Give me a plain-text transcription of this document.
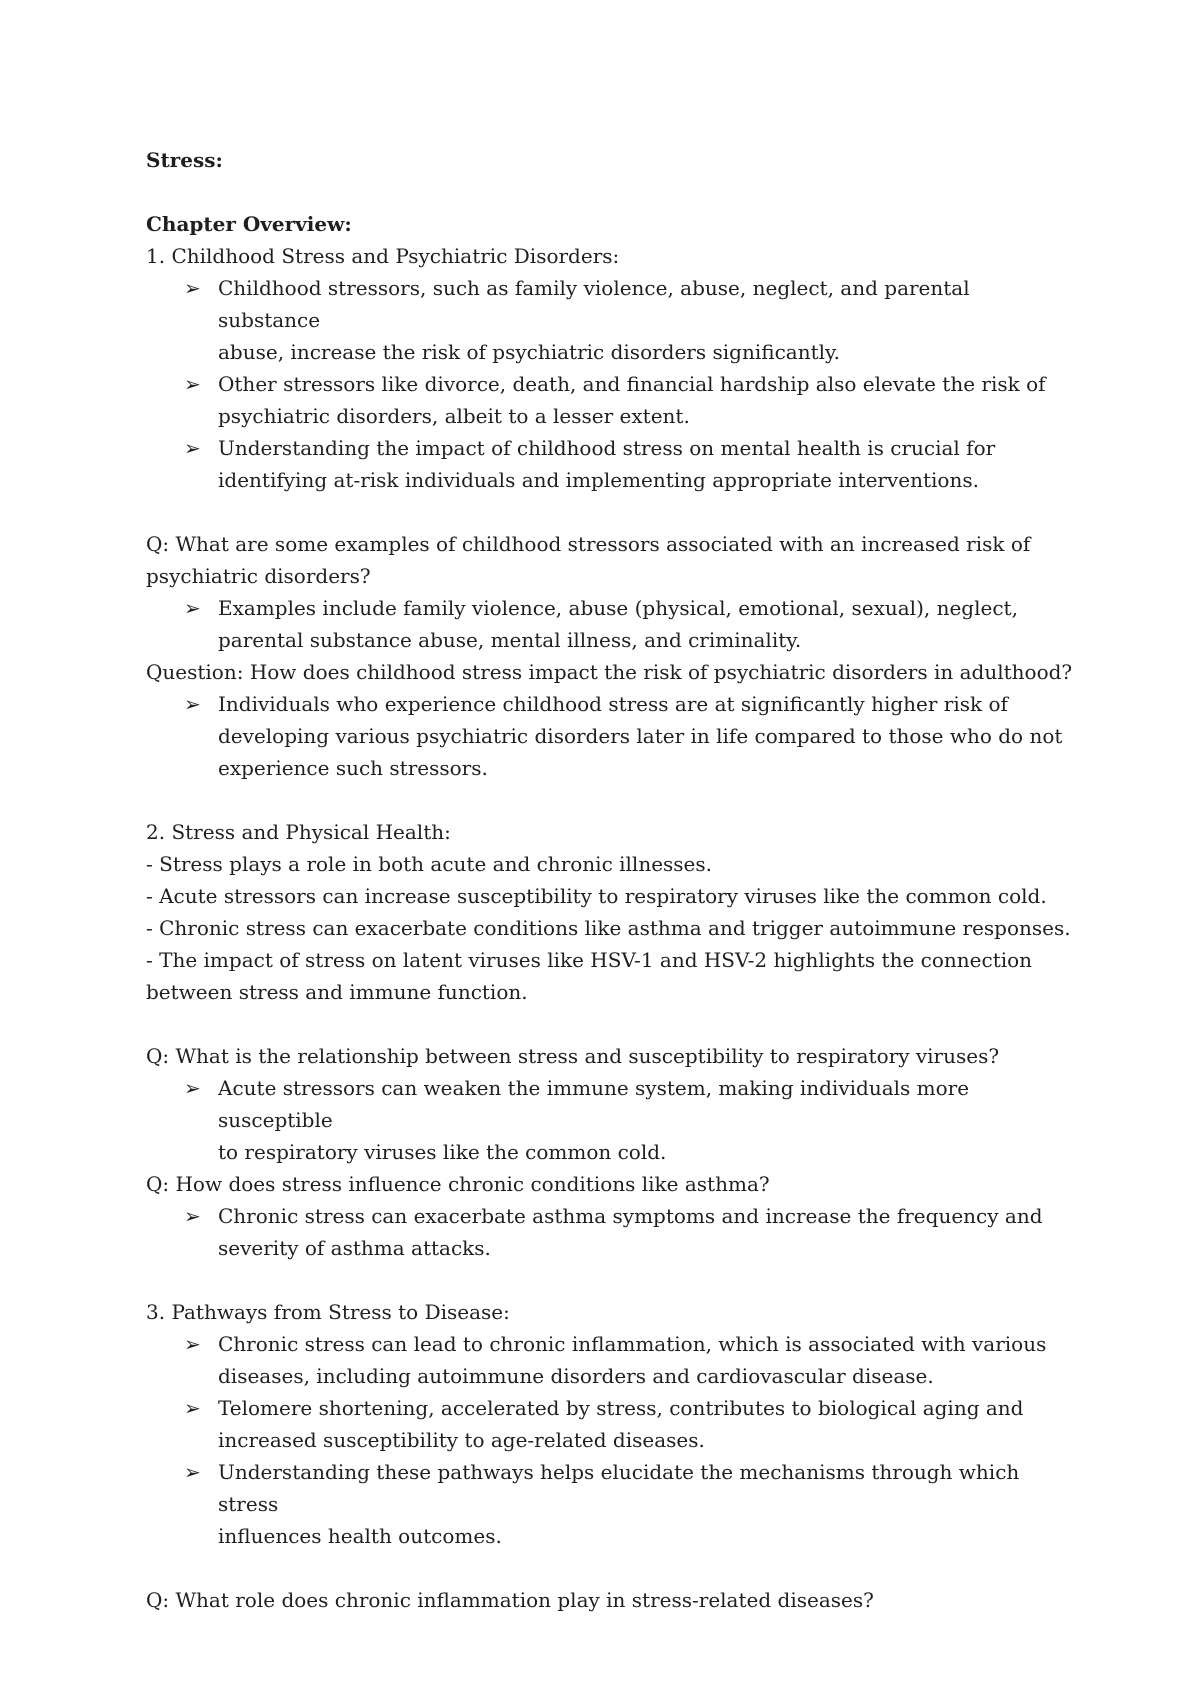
Stress:

Chapter Overview:

1. Childhood Stress and Psychiatric Disorders:

➢ Childhood stressors, such as family violence, abuse, neglect, and parental substance
abuse, increase the risk of psychiatric disorders significantly.
➢ Other stressors like divorce, death, and financial hardship also elevate the risk of
psychiatric disorders, albeit to a lesser extent.
➢ Understanding the impact of childhood stress on mental health is crucial for
identifying at-risk individuals and implementing appropriate interventions.

Q: What are some examples of childhood stressors associated with an increased risk of

psychiatric disorders?

➢ Examples include family violence, abuse (physical, emotional, sexual), neglect,
parental substance abuse, mental illness, and criminality.

Question: How does childhood stress impact the risk of psychiatric disorders in adulthood?

➢ Individuals who experience childhood stress are at significantly higher risk of
developing various psychiatric disorders later in life compared to those who do not
experience such stressors.

2. Stress and Physical Health:

- Stress plays a role in both acute and chronic illnesses.

- Acute stressors can increase susceptibility to respiratory viruses like the common cold.

- Chronic stress can exacerbate conditions like asthma and trigger autoimmune responses.

- The impact of stress on latent viruses like HSV-1 and HSV-2 highlights the connection

between stress and immune function.

Q: What is the relationship between stress and susceptibility to respiratory viruses?

➢ Acute stressors can weaken the immune system, making individuals more susceptible
to respiratory viruses like the common cold.

Q: How does stress influence chronic conditions like asthma?

➢ Chronic stress can exacerbate asthma symptoms and increase the frequency and
severity of asthma attacks.

3. Pathways from Stress to Disease:

➢ Chronic stress can lead to chronic inflammation, which is associated with various
diseases, including autoimmune disorders and cardiovascular disease.
➢ Telomere shortening, accelerated by stress, contributes to biological aging and
increased susceptibility to age-related diseases.
➢ Understanding these pathways helps elucidate the mechanisms through which stress
influences health outcomes.

Q: What role does chronic inflammation play in stress-related diseases?
